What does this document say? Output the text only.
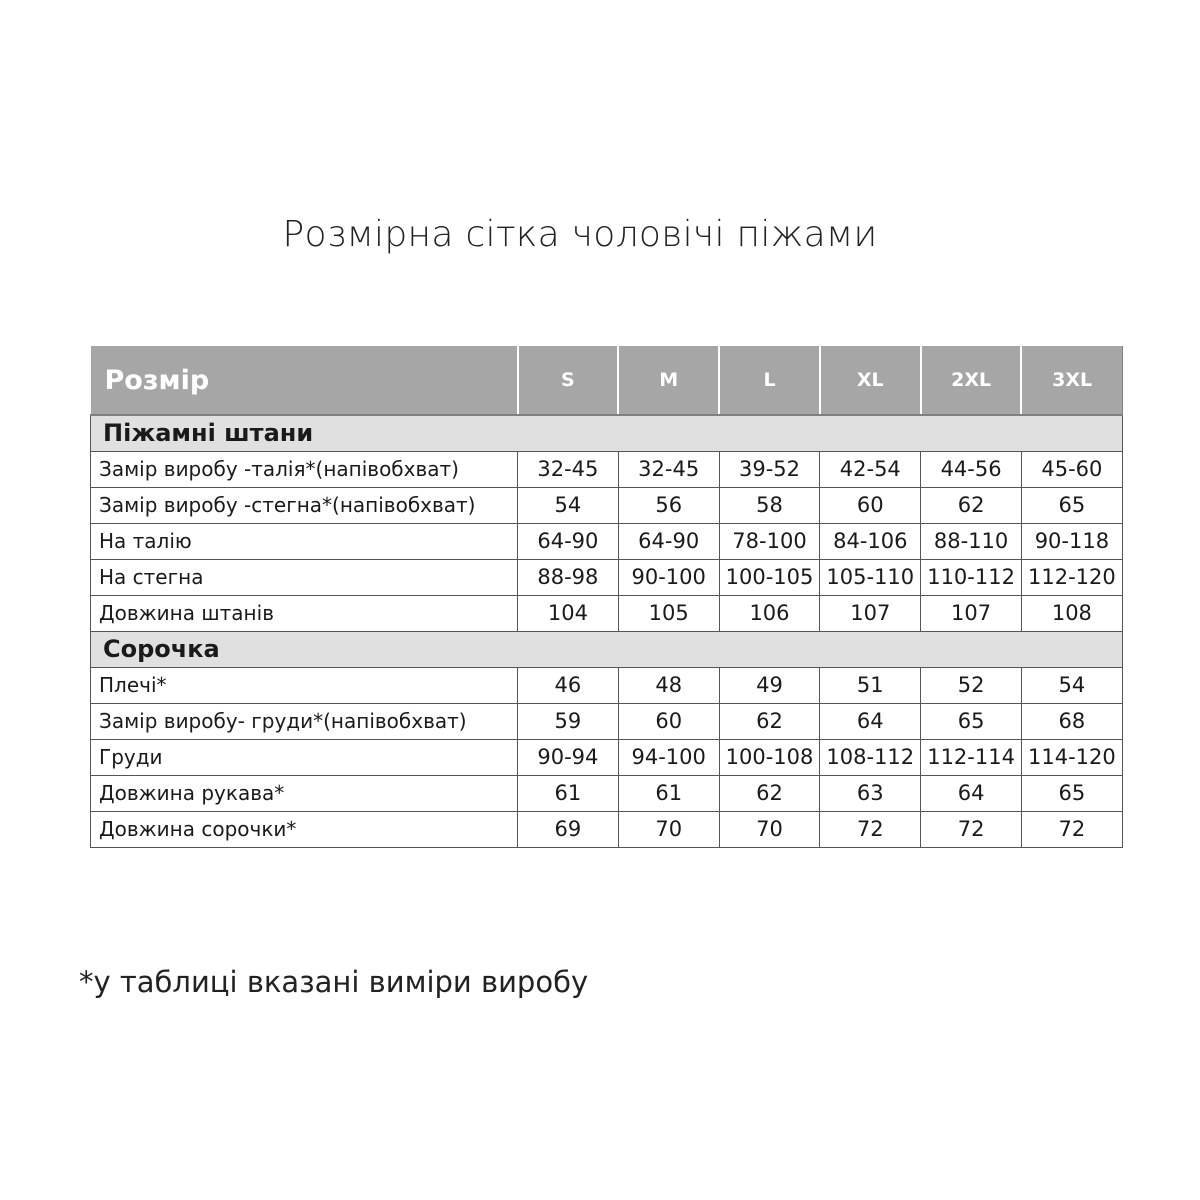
Розмірна сітка чоловічі піжами
Розмір	S	M	L	XL	2XL	3XL
Піжамні штани						
Замір виробу -талія*(напівобхват)	32-45	32-45	39-52	42-54	44-56	45-60
Замір виробу -стегна*(напівобхват)	54	56	58	60	62	65
На талію	64-90	64-90	78-100	84-106	88-110	90-118
На стегна	88-98	90-100	100-105	105-110	110-112	112-120
Довжина штанів	104	105	106	107	107	108
Сорочка						
Плечі*	46	48	49	51	52	54
Замір виробу- груди*(напівобхват)	59	60	62	64	65	68
Груди	90-94	94-100	100-108	108-112	112-114	114-120
Довжина рукава*	61	61	62	63	64	65
Довжина сорочки*	69	70	70	72	72	72
*у таблиці вказані виміри виробу
